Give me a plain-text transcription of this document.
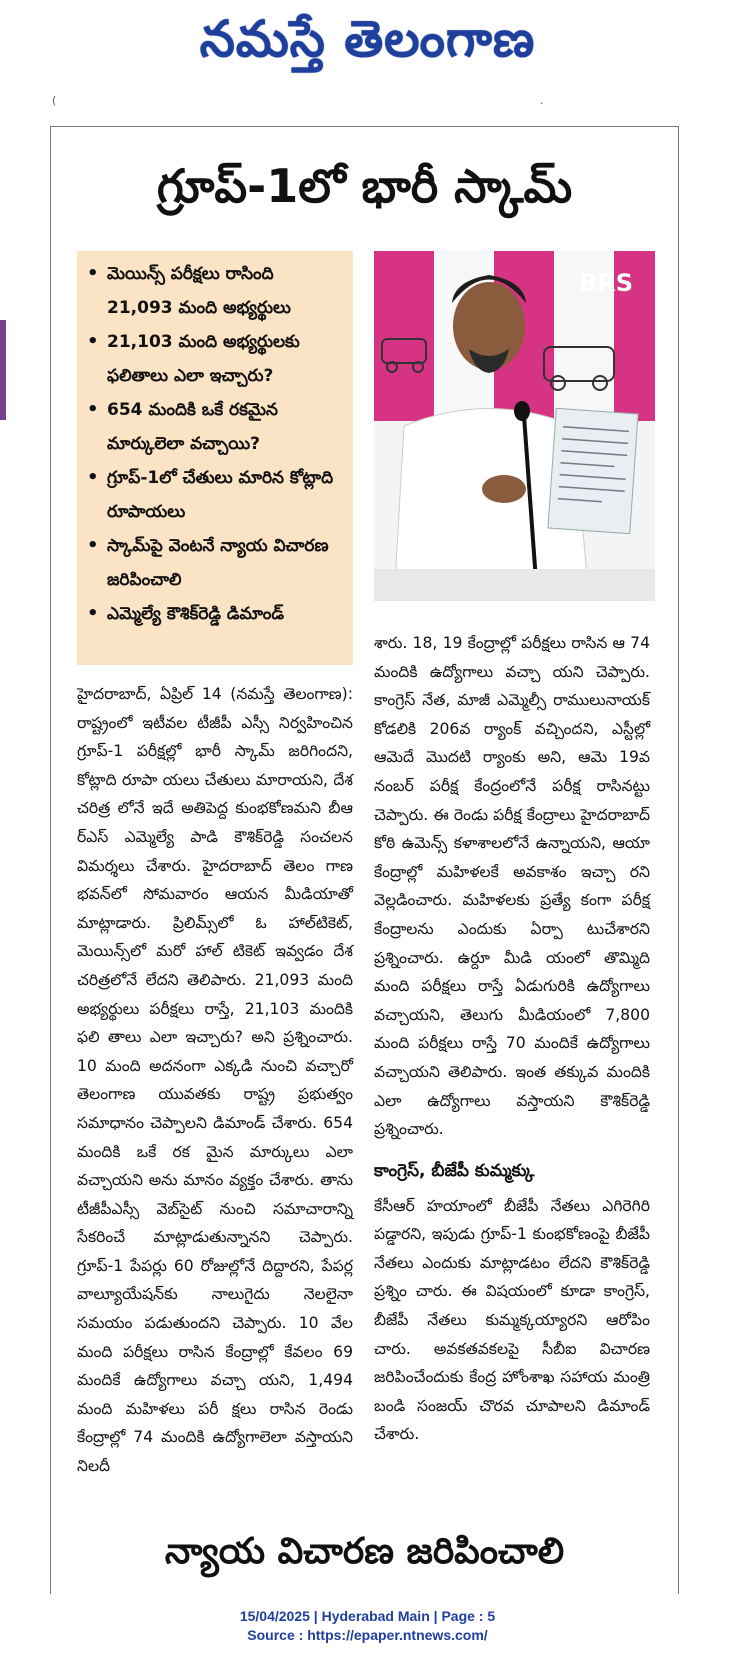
నమస్తే తెలంగాణ
(	.
గ్రూప్-1లో భారీ స్కామ్
• మెయిన్స్ పరీక్షలు రాసింది 21,093 మంది అభ్యర్థులు
• 21,103 మంది అభ్యర్థులకు ఫలితాలు ఎలా ఇచ్చారు?
• 654 మందికి ఒకే రకమైన మార్కులెలా వచ్చాయి?
• గ్రూప్-1లో చేతులు మారిన కోట్లాది రూపాయలు
• స్కామ్‌పై వెంటనే న్యాయ విచారణ జరిపించాలి
• ఎమ్మెల్యే కౌశిక్‌రెడ్డి డిమాండ్
BRS

హైదరాబాద్, ఏప్రిల్ 14 (నమస్తే తెలంగాణ): రాష్ట్రంలో ఇటీవల టీజీపీ ఎస్సీ నిర్వహించిన గ్రూప్-1 పరీక్షల్లో భారీ స్కామ్ జరిగిందని, కోట్లాది రూపా యలు చేతులు మారాయని, దేశ చరిత్ర లోనే ఇదే అతిపెద్ద కుంభకోణమని బీఆ ర్‌ఎస్ ఎమ్మెల్యే పాడి కౌశిక్‌రెడ్డి సంచలన విమర్శలు చేశారు. హైదరాబాద్ తెలం గాణ భవన్‌లో సోమవారం ఆయన మీడియాతో మాట్లాడారు. ప్రిలిమ్స్‌లో ఓ హాల్‌టికెట్, మెయిన్స్‌లో మరో హాల్ టికెట్ ఇవ్వడం దేశ చరిత్రలోనే లేదని తెలిపారు. 21,093 మంది అభ్యర్థులు పరీక్షలు రాస్తే, 21,103 మందికి ఫలి తాలు ఎలా ఇచ్చారు? అని ప్రశ్నించారు. 10 మంది అదనంగా ఎక్కడి నుంచి వచ్చారో తెలంగాణ యువతకు రాష్ట్ర ప్రభుత్వం సమాధానం చెప్పాలని డిమాండ్ చేశారు. 654 మందికి ఒకే రక మైన మార్కులు ఎలా వచ్చాయని అను మానం వ్యక్తం చేశారు. తాను టీజీపీఎస్సీ వెబ్‌సైట్ నుంచి సమాచారాన్ని సేకరించే మాట్లాడుతున్నానని చెప్పారు. గ్రూప్-1 పేపర్లు 60 రోజుల్లోనే దిద్దారని, పేపర్ల వాల్యూయేషన్‌కు నాలుగైదు నెలలైనా సమయం పడుతుందని చెప్పారు. 10 వేల మంది పరీక్షలు రాసిన కేంద్రాల్లో కేవలం 69 మందికే ఉద్యోగాలు వచ్చా యని, 1,494 మంది మహిళలు పరీ క్షలు రాసిన రెండు కేంద్రాల్లో 74 మందికి ఉద్యోగాలెలా వస్తాయని నిలదీ

శారు. 18, 19 కేంద్రాల్లో పరీక్షలు రాసిన ఆ 74 మందికి ఉద్యోగాలు వచ్చా యని చెప్పారు. కాంగ్రెస్ నేత, మాజీ ఎమ్మెల్సీ రాములునాయక్ కోడలికి 206వ ర్యాంక్ వచ్చిందని, ఎస్టీల్లో ఆమెదే మొదటి ర్యాంకు అని, ఆమె 19వ నంబర్ పరీక్ష కేంద్రంలోనే పరీక్ష రాసినట్టు చెప్పారు. ఈ రెండు పరీక్ష కేంద్రాలు హైదరాబాద్ కోఠి ఉమెన్స్ కళాశాలలోనే ఉన్నాయని, ఆయా కేంద్రాల్లో మహిళలకే అవకాశం ఇచ్చా రని వెల్లడించారు. మహిళలకు ప్రత్యే కంగా పరీక్ష కేంద్రాలను ఎందుకు ఏర్పా టుచేశారని ప్రశ్నించారు. ఉర్దూ మీడి యంలో తొమ్మిది మంది పరీక్షలు రాస్తే ఏడుగురికి ఉద్యోగాలు వచ్చాయని, తెలుగు మీడియంలో 7,800 మంది పరీక్షలు రాస్తే 70 మందికే ఉద్యోగాలు వచ్చాయని తెలిపారు. ఇంత తక్కువ మందికి ఎలా ఉద్యోగాలు వస్తాయని కౌశిక్‌రెడ్డి ప్రశ్నించారు.

కాంగ్రెస్, బీజేపీ కుమ్మక్కు

కేసీఆర్ హయాంలో బీజేపీ నేతలు ఎగిరెగిరి పడ్డారని, ఇపుడు గ్రూప్-1 కుంభకోణంపై బీజేపీ నేతలు ఎందుకు మాట్లాడటం లేదని కౌశిక్‌రెడ్డి ప్రశ్నిం చారు. ఈ విషయంలో కూడా కాంగ్రెస్, బీజేపీ నేతలు కుమ్మక్కయ్యారని ఆరోపిం చారు. అవకతవకలపై సీబీఐ విచారణ జరిపించేందుకు కేంద్ర హోంశాఖ సహాయ మంత్రి బండి సంజయ్ చొరవ చూపాలని డిమాండ్ చేశారు.

న్యాయ విచారణ జరిపించాలి
15/04/2025 | Hyderabad Main | Page : 5
Source : https://epaper.ntnews.com/
